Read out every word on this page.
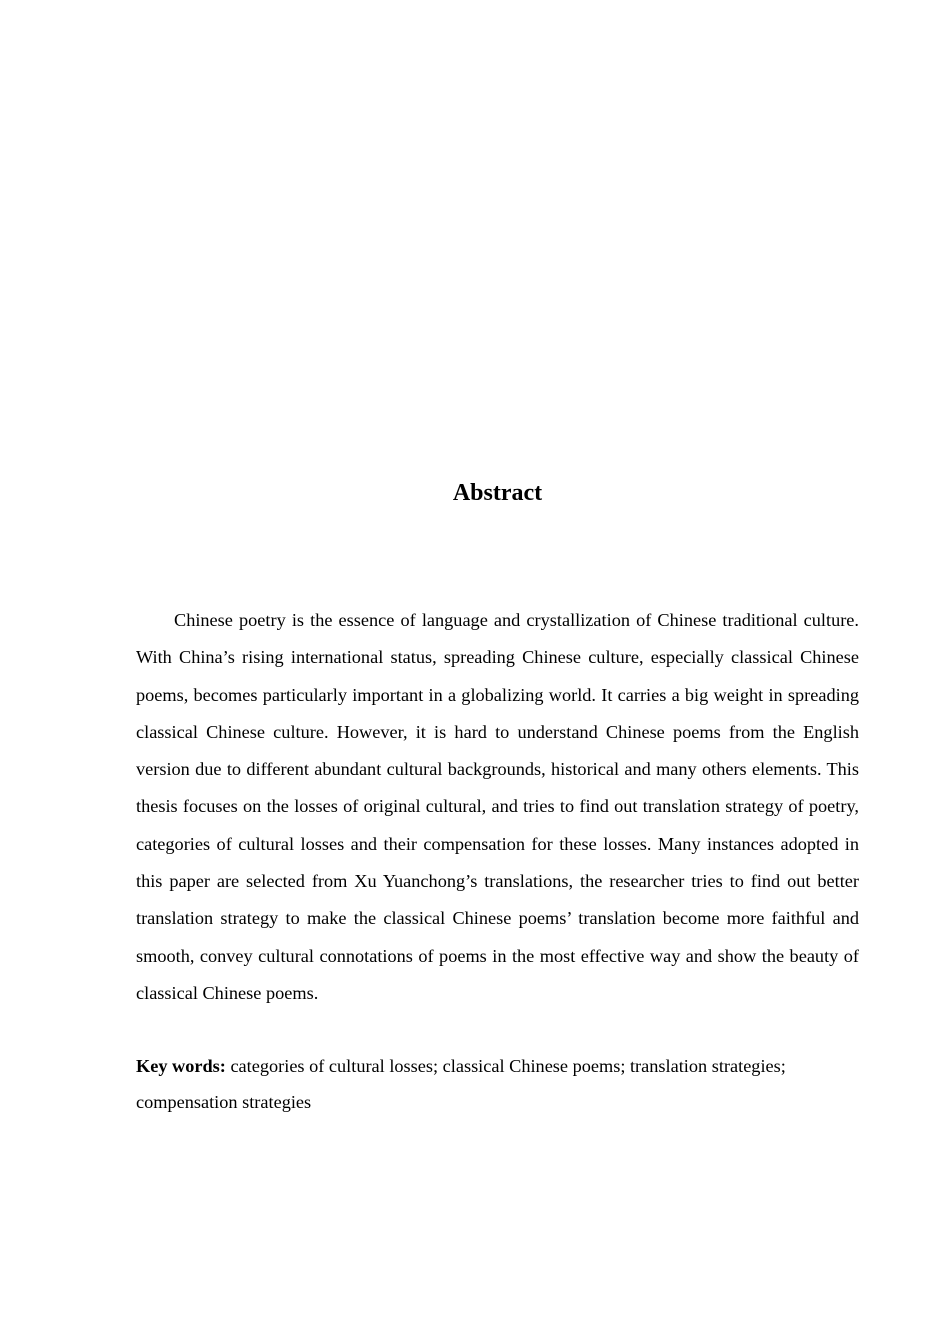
Abstract

Chinese poetry is the essence of language and crystallization of Chinese traditional culture. With China’s rising international status, spreading Chinese culture, especially classical Chinese poems, becomes particularly important in a globalizing world. It carries a big weight in spreading classical Chinese culture. However, it is hard to understand Chinese poems from the English version due to different abundant cultural backgrounds, historical and many others elements. This thesis focuses on the losses of original cultural, and tries to find out translation strategy of poetry, categories of cultural losses and their compensation for these losses. Many instances adopted in this paper are selected from Xu Yuanchong’s translations, the researcher tries to find out better translation strategy to make the classical Chinese poems’ translation become more faithful and smooth, convey cultural connotations of poems in the most effective way and show the beauty of classical Chinese poems.

Key words: categories of cultural losses; classical Chinese poems; translation strategies; compensation strategies
